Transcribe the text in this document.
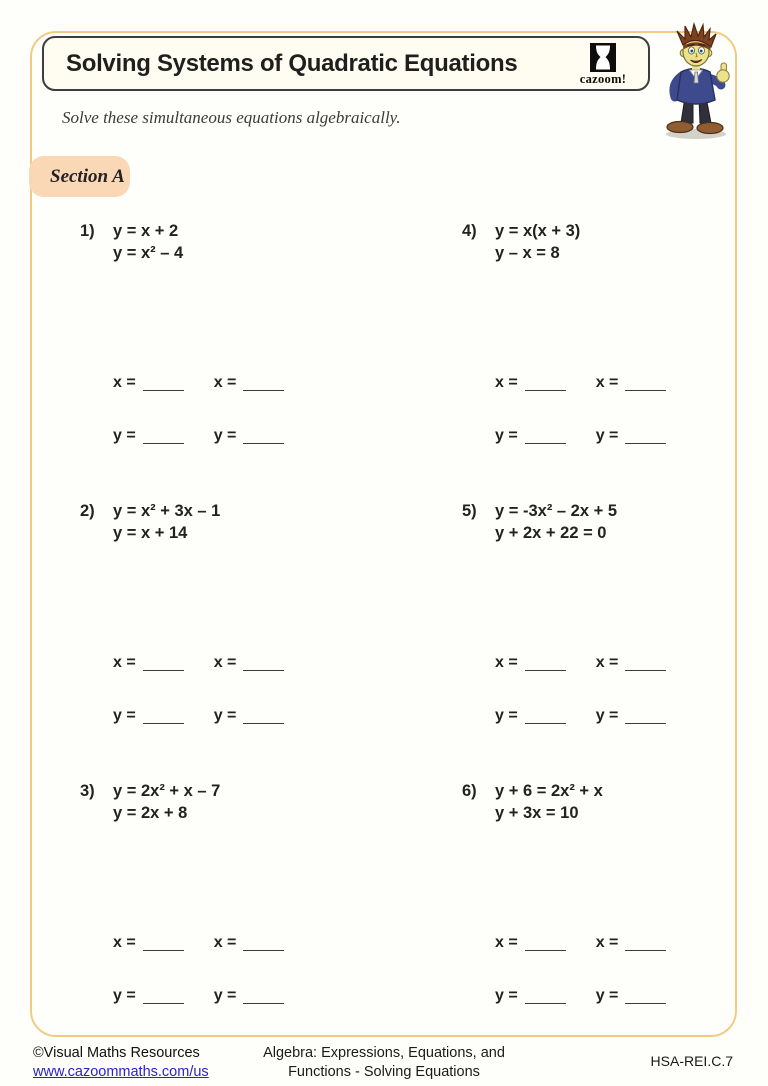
Solving Systems of Quadratic Equations
cazoom!
Solve these simultaneous equations algebraically.
Section A
1)	y = x + 2
y = x² – 4
x =	x =
y =	y =
4)	y = x(x + 3)
y – x = 8
x =	x =
y =	y =
2)	y = x² + 3x – 1
y = x + 14
x =	x =
y =	y =
5)	y = -3x² – 2x + 5
y + 2x + 22 = 0
x =	x =
y =	y =
3)	y = 2x² + x – 7
y = 2x + 8
x =	x =
y =	y =
6)	y + 6 = 2x² + x
y + 3x = 10
x =	x =
y =	y =
©Visual Maths Resources
www.cazoommaths.com/us
Algebra: Expressions, Equations, and
Functions - Solving Equations
HSA-REI.C.7
